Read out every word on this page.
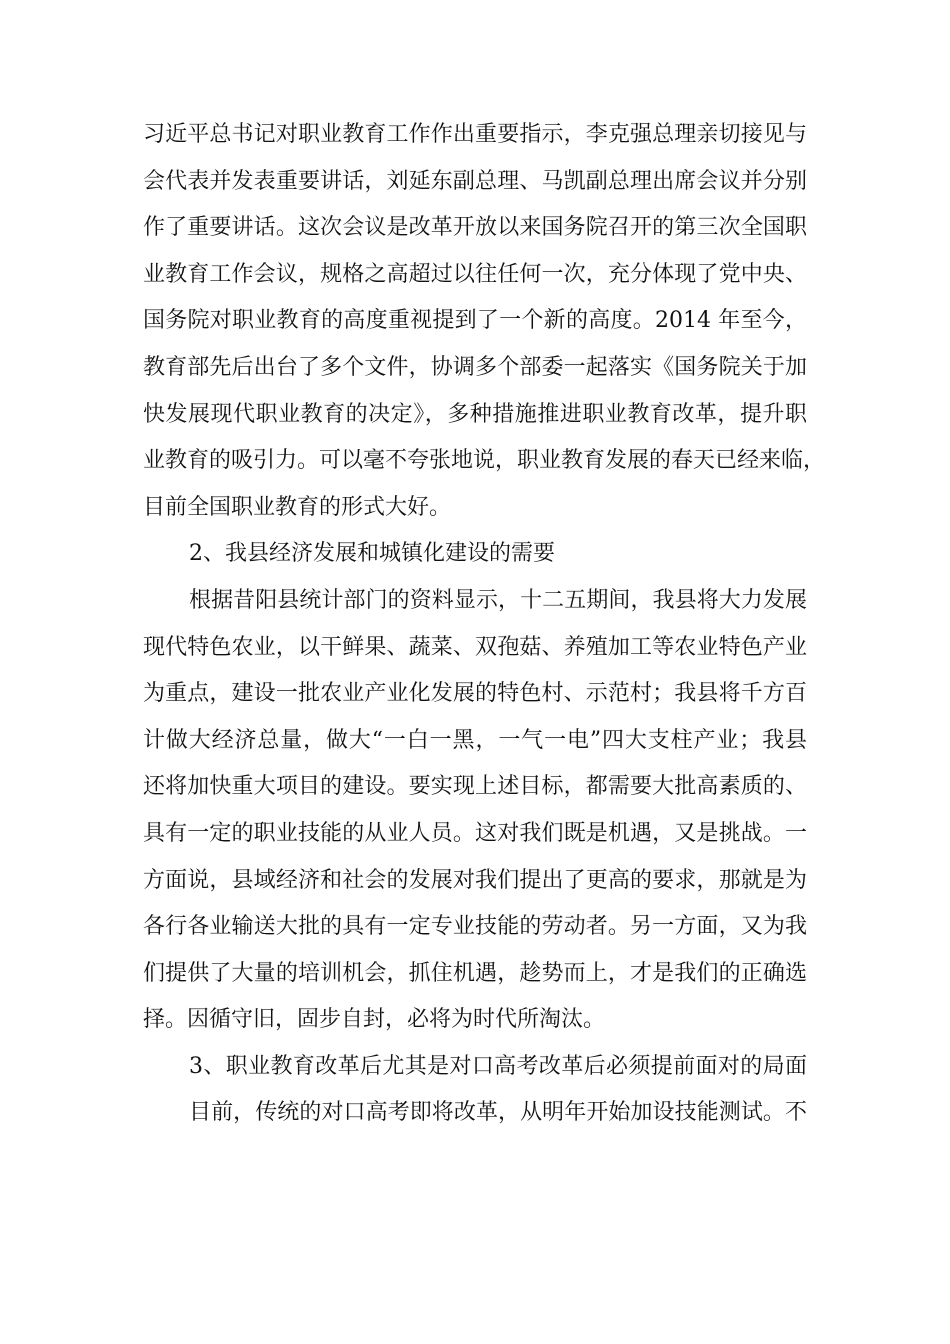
习近平总书记对职业教育工作作出重要指示，李克强总理亲切接见与
会代表并发表重要讲话，刘延东副总理、马凯副总理出席会议并分别
作了重要讲话。这次会议是改革开放以来国务院召开的第三次全国职
业教育工作会议，规格之高超过以往任何一次，充分体现了党中央、
国务院对职业教育的高度重视提到了一个新的高度。2014 年至今，
教育部先后出台了多个文件，协调多个部委一起落实《国务院关于加
快发展现代职业教育的决定》，多种措施推进职业教育改革，提升职
业教育的吸引力。可以毫不夸张地说，职业教育发展的春天已经来临，
目前全国职业教育的形式大好。
2、我县经济发展和城镇化建设的需要
根据昔阳县统计部门的资料显示，十二五期间，我县将大力发展
现代特色农业，以干鲜果、蔬菜、双孢菇、养殖加工等农业特色产业
为重点，建设一批农业产业化发展的特色村、示范村；我县将千方百
计做大经济总量，做大“一白一黑，一气一电”四大支柱产业；我县
还将加快重大项目的建设。要实现上述目标，都需要大批高素质的、
具有一定的职业技能的从业人员。这对我们既是机遇，又是挑战。一
方面说，县域经济和社会的发展对我们提出了更高的要求，那就是为
各行各业输送大批的具有一定专业技能的劳动者。另一方面，又为我
们提供了大量的培训机会，抓住机遇，趁势而上，才是我们的正确选
择。因循守旧，固步自封，必将为时代所淘汰。
3、职业教育改革后尤其是对口高考改革后必须提前面对的局面
目前，传统的对口高考即将改革，从明年开始加设技能测试。不
